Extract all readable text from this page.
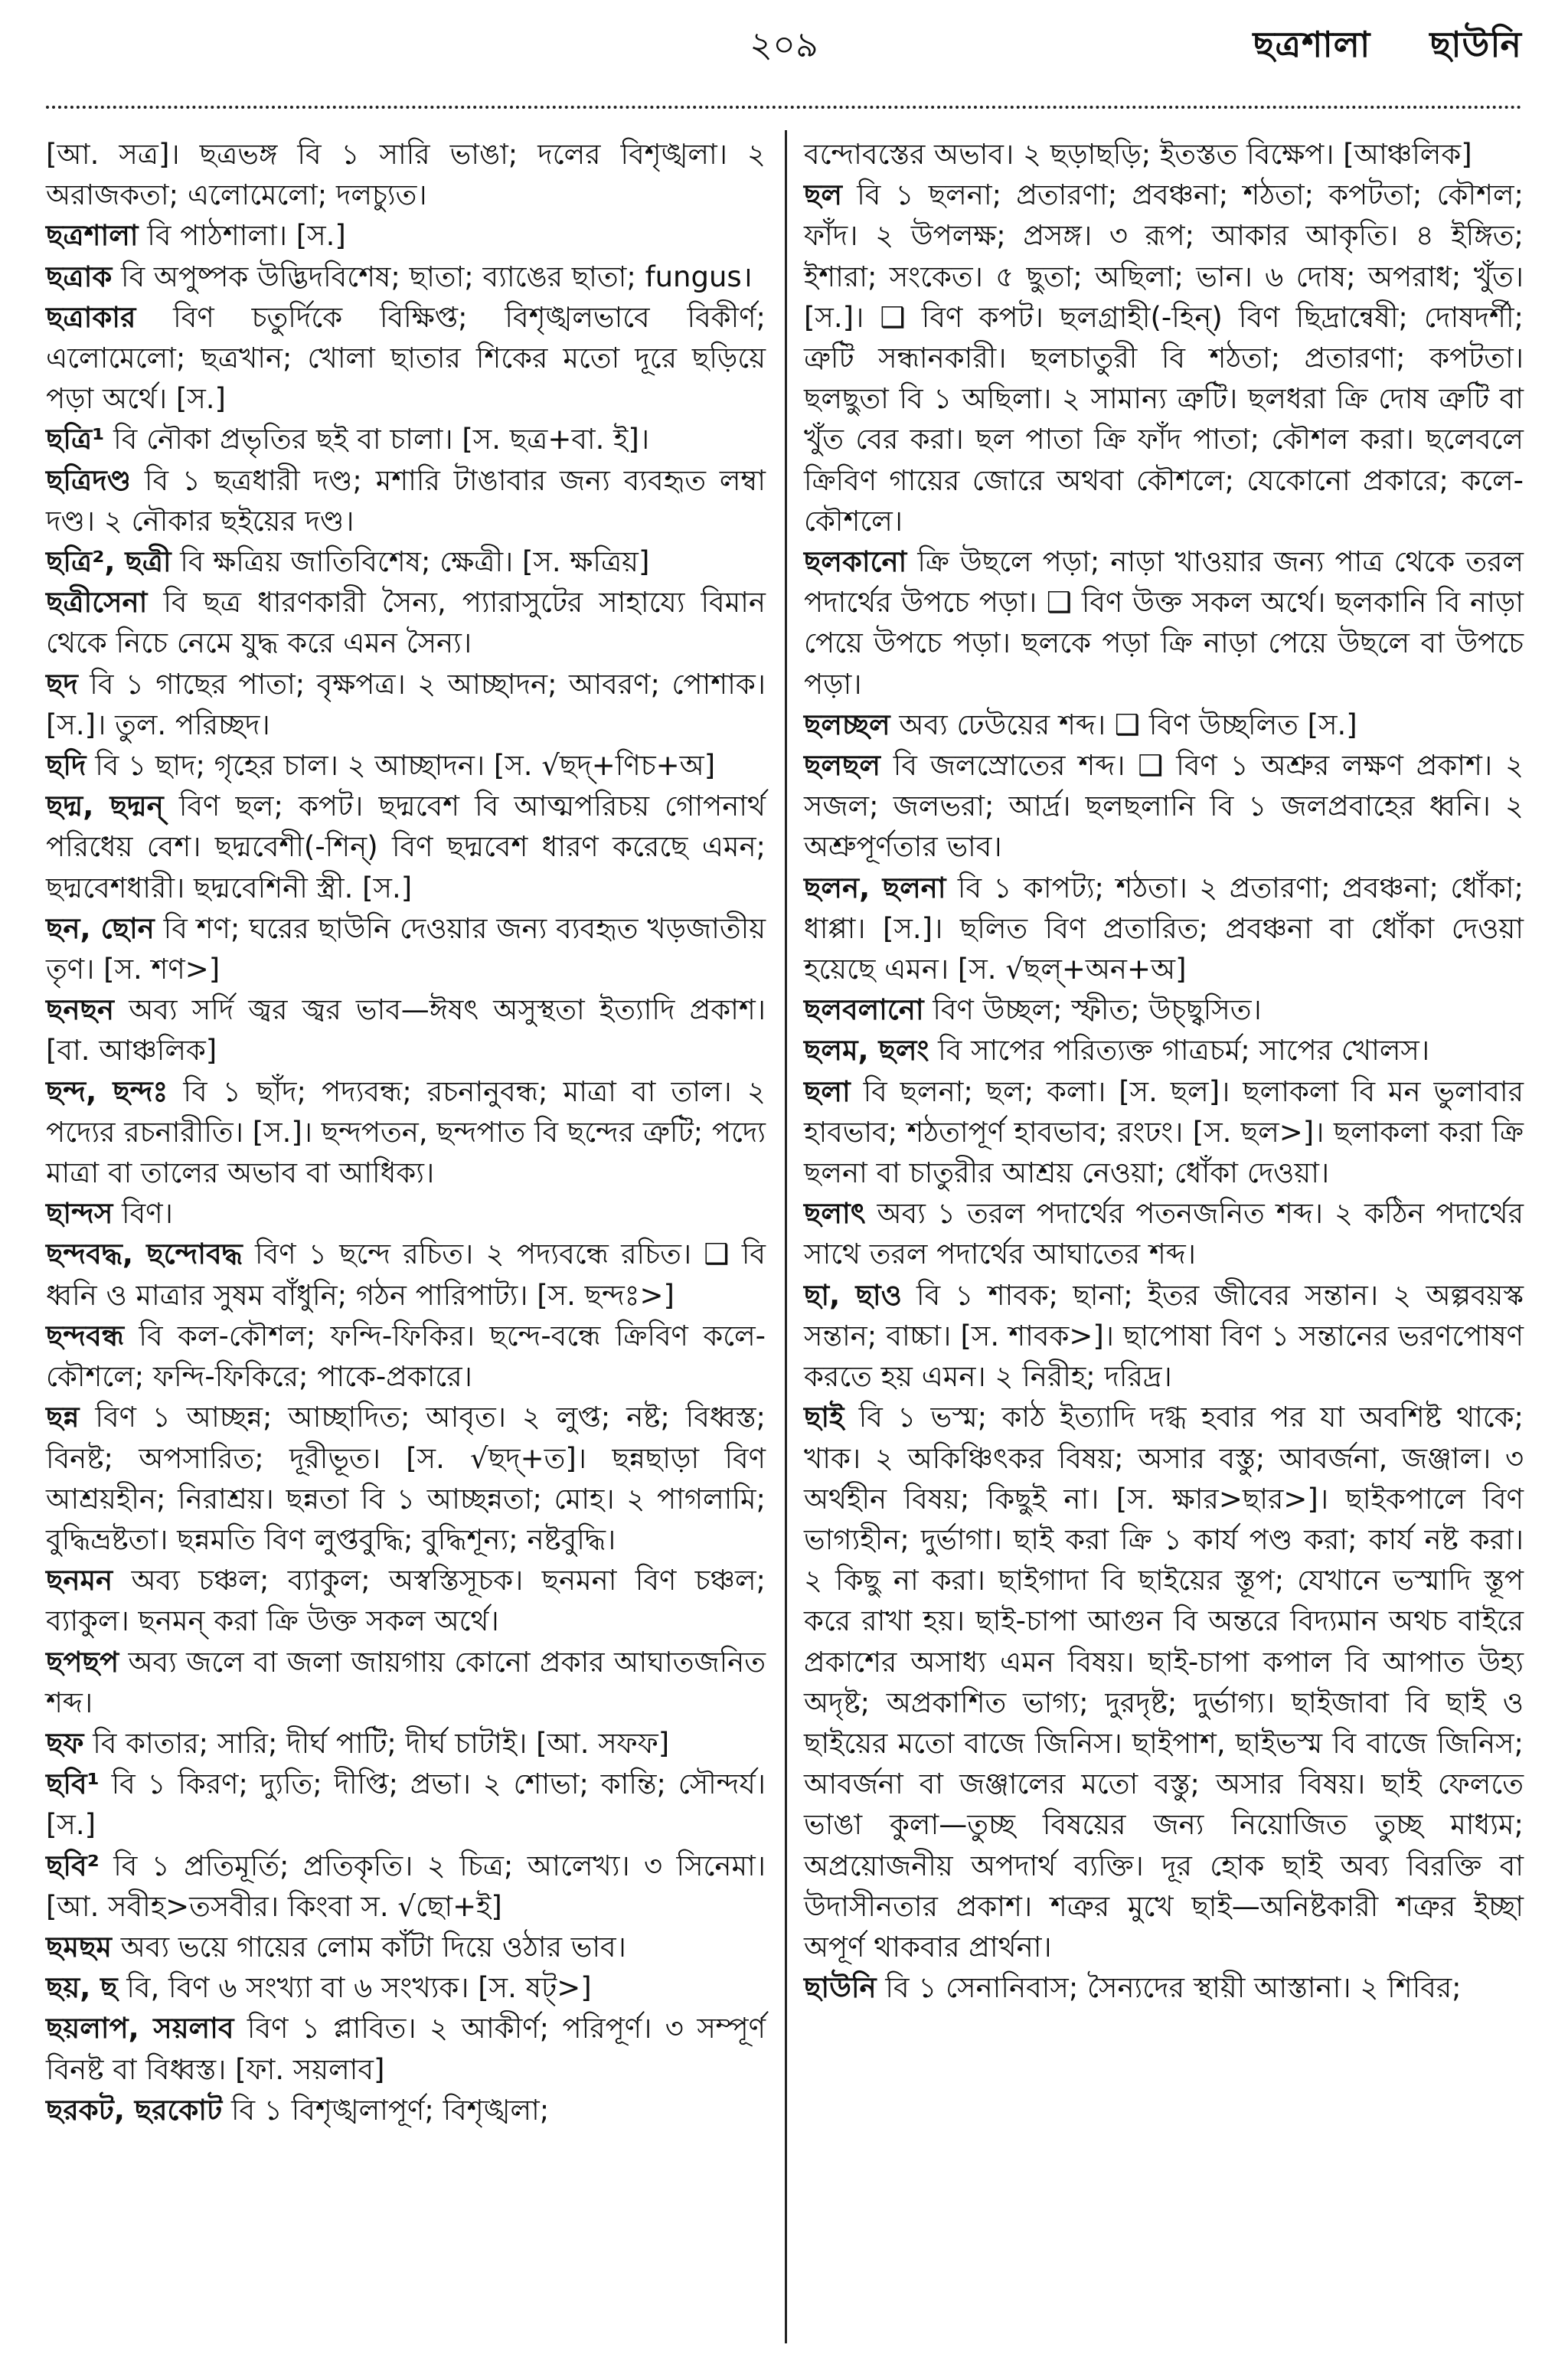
২০৯	ছত্রশালা ছাউনি

[আ. সত্র]। ছত্রভঙ্গ বি ১ সারি ভাঙা; দলের বিশৃঙ্খলা। ২ অরাজকতা; এলোমেলো; দলচ্যুত।

ছত্রশালা বি পাঠশালা। [স.]

ছত্রাক বি অপুষ্পক উদ্ভিদবিশেষ; ছাতা; ব্যাঙের ছাতা; fungus।

ছত্রাকার বিণ চতুর্দিকে বিক্ষিপ্ত; বিশৃঙ্খলভাবে বিকীর্ণ; এলোমেলো; ছত্রখান; খোলা ছাতার শিকের মতো দূরে ছড়িয়ে পড়া অর্থে। [স.]

ছত্রি¹ বি নৌকা প্রভৃতির ছই বা চালা। [স. ছত্র+বা. ই]।

ছত্রিদণ্ড বি ১ ছত্রধারী দণ্ড; মশারি টাঙাবার জন্য ব্যবহৃত লম্বা দণ্ড। ২ নৌকার ছইয়ের দণ্ড।

ছত্রি², ছত্রী বি ক্ষত্রিয় জাতিবিশেষ; ক্ষেত্রী। [স. ক্ষত্রিয়]

ছত্রীসেনা বি ছত্র ধারণকারী সৈন্য, প্যারাসুটের সাহায্যে বিমান থেকে নিচে নেমে যুদ্ধ করে এমন সৈন্য।

ছদ বি ১ গাছের পাতা; বৃক্ষপত্র। ২ আচ্ছাদন; আবরণ; পোশাক। [স.]। তুল. পরিচ্ছদ।

ছদি বি ১ ছাদ; গৃহের চাল। ২ আচ্ছাদন। [স. √ছদ্+ণিচ+অ]

ছদ্ম, ছদ্মন্ বিণ ছল; কপট। ছদ্মবেশ বি আত্মপরিচয় গোপনার্থ পরিধেয় বেশ। ছদ্মবেশী(-শিন্) বিণ ছদ্মবেশ ধারণ করেছে এমন; ছদ্মবেশধারী। ছদ্মবেশিনী স্ত্রী. [স.]

ছন, ছোন বি শণ; ঘরের ছাউনি দেওয়ার জন্য ব্যবহৃত খড়জাতীয় তৃণ। [স. শণ>]

ছনছন অব্য সর্দি জ্বর জ্বর ভাব—ঈষৎ অসুস্থতা ইত্যাদি প্রকাশ। [বা. আঞ্চলিক]

ছন্দ, ছন্দঃ বি ১ ছাঁদ; পদ্যবন্ধ; রচনানুবন্ধ; মাত্রা বা তাল। ২ পদ্যের রচনারীতি। [স.]। ছন্দপতন, ছন্দপাত বি ছন্দের ত্রুটি; পদ্যে মাত্রা বা তালের অভাব বা আধিক্য।

ছান্দস বিণ।

ছন্দবদ্ধ, ছন্দোবদ্ধ বিণ ১ ছন্দে রচিত। ২ পদ্যবন্ধে রচিত। ❑ বি ধ্বনি ও মাত্রার সুষম বাঁধুনি; গঠন পারিপাট্য। [স. ছন্দঃ>]

ছন্দবন্ধ বি কল-কৌশল; ফন্দি-ফিকির। ছন্দে-বন্ধে ক্রিবিণ কলে-কৌশলে; ফন্দি-ফিকিরে; পাকে-প্রকারে।

ছন্ন বিণ ১ আচ্ছন্ন; আচ্ছাদিত; আবৃত। ২ লুপ্ত; নষ্ট; বিধ্বস্ত; বিনষ্ট; অপসারিত; দূরীভূত। [স. √ছদ্+ত]। ছন্নছাড়া বিণ আশ্রয়হীন; নিরাশ্রয়। ছন্নতা বি ১ আচ্ছন্নতা; মোহ। ২ পাগলামি; বুদ্ধিভ্রষ্টতা। ছন্নমতি বিণ লুপ্তবুদ্ধি; বুদ্ধিশূন্য; নষ্টবুদ্ধি।

ছনমন অব্য চঞ্চল; ব্যাকুল; অস্বস্তিসূচক। ছনমনা বিণ চঞ্চল; ব্যাকুল। ছনমন্ করা ক্রি উক্ত সকল অর্থে।

ছপছপ অব্য জলে বা জলা জায়গায় কোনো প্রকার আঘাতজনিত শব্দ।

ছফ বি কাতার; সারি; দীর্ঘ পাটি; দীর্ঘ চাটাই। [আ. সফফ]

ছবি¹ বি ১ কিরণ; দ্যুতি; দীপ্তি; প্রভা। ২ শোভা; কান্তি; সৌন্দর্য। [স.]

ছবি² বি ১ প্রতিমূর্তি; প্রতিকৃতি। ২ চিত্র; আলেখ্য। ৩ সিনেমা। [আ. সবীহ>তসবীর। কিংবা স. √ছো+ই]

ছমছম অব্য ভয়ে গায়ের লোম কাঁটা দিয়ে ওঠার ভাব।

ছয়, ছ বি, বিণ ৬ সংখ্যা বা ৬ সংখ্যক। [স. ষট্>]

ছয়লাপ, সয়লাব বিণ ১ প্লাবিত। ২ আকীর্ণ; পরিপূর্ণ। ৩ সম্পূর্ণ বিনষ্ট বা বিধ্বস্ত। [ফা. সয়লাব]

ছরকট, ছরকোট বি ১ বিশৃঙ্খলাপূর্ণ; বিশৃঙ্খলা;

বন্দোবস্তের অভাব। ২ ছড়াছড়ি; ইতস্তত বিক্ষেপ। [আঞ্চলিক]

ছল বি ১ ছলনা; প্রতারণা; প্রবঞ্চনা; শঠতা; কপটতা; কৌশল; ফাঁদ। ২ উপলক্ষ; প্রসঙ্গ। ৩ রূপ; আকার আকৃতি। ৪ ইঙ্গিত; ইশারা; সংকেত। ৫ ছুতা; অছিলা; ভান। ৬ দোষ; অপরাধ; খুঁত। [স.]। ❑ বিণ কপট। ছলগ্রাহী(-হিন্) বিণ ছিদ্রান্বেষী; দোষদর্শী; ত্রুটি সন্ধানকারী। ছলচাতুরী বি শঠতা; প্রতারণা; কপটতা। ছলছুতা বি ১ অছিলা। ২ সামান্য ত্রুটি। ছলধরা ক্রি দোষ ত্রুটি বা খুঁত বের করা। ছল পাতা ক্রি ফাঁদ পাতা; কৌশল করা। ছলেবলে ক্রিবিণ গায়ের জোরে অথবা কৌশলে; যেকোনো প্রকারে; কলে-কৌশলে।

ছলকানো ক্রি উছলে পড়া; নাড়া খাওয়ার জন্য পাত্র থেকে তরল পদার্থের উপচে পড়া। ❑ বিণ উক্ত সকল অর্থে। ছলকানি বি নাড়া পেয়ে উপচে পড়া। ছলকে পড়া ক্রি নাড়া পেয়ে উছলে বা উপচে পড়া।

ছলচ্ছল অব্য ঢেউয়ের শব্দ। ❑ বিণ উচ্ছলিত [স.]

ছলছল বি জলস্রোতের শব্দ। ❑ বিণ ১ অশ্রুর লক্ষণ প্রকাশ। ২ সজল; জলভরা; আর্দ্র। ছলছলানি বি ১ জলপ্রবাহের ধ্বনি। ২ অশ্রুপূর্ণতার ভাব।

ছলন, ছলনা বি ১ কাপট্য; শঠতা। ২ প্রতারণা; প্রবঞ্চনা; ধোঁকা; ধাপ্পা। [স.]। ছলিত বিণ প্রতারিত; প্রবঞ্চনা বা ধোঁকা দেওয়া হয়েছে এমন। [স. √ছল্+অন+অ]

ছলবলানো বিণ উচ্ছল; স্ফীত; উচ্ছ্বসিত।

ছলম, ছলং বি সাপের পরিত্যক্ত গাত্রচর্ম; সাপের খোলস।

ছলা বি ছলনা; ছল; কলা। [স. ছল]। ছলাকলা বি মন ভুলাবার হাবভাব; শঠতাপূর্ণ হাবভাব; রংঢং। [স. ছল>]। ছলাকলা করা ক্রি ছলনা বা চাতুরীর আশ্রয় নেওয়া; ধোঁকা দেওয়া।

ছলাৎ অব্য ১ তরল পদার্থের পতনজনিত শব্দ। ২ কঠিন পদার্থের সাথে তরল পদার্থের আঘাতের শব্দ।

ছা, ছাও বি ১ শাবক; ছানা; ইতর জীবের সন্তান। ২ অল্পবয়স্ক সন্তান; বাচ্চা। [স. শাবক>]। ছাপোষা বিণ ১ সন্তানের ভরণপোষণ করতে হয় এমন। ২ নিরীহ; দরিদ্র।

ছাই বি ১ ভস্ম; কাঠ ইত্যাদি দগ্ধ হবার পর যা অবশিষ্ট থাকে; খাক। ২ অকিঞ্চিৎকর বিষয়; অসার বস্তু; আবর্জনা, জঞ্জাল। ৩ অর্থহীন বিষয়; কিছুই না। [স. ক্ষার>ছার>]। ছাইকপালে বিণ ভাগ্যহীন; দুর্ভাগা। ছাই করা ক্রি ১ কার্য পণ্ড করা; কার্য নষ্ট করা। ২ কিছু না করা। ছাইগাদা বি ছাইয়ের স্তূপ; যেখানে ভস্মাদি স্তূপ করে রাখা হয়। ছাই-চাপা আগুন বি অন্তরে বিদ্যমান অথচ বাইরে প্রকাশের অসাধ্য এমন বিষয়। ছাই-চাপা কপাল বি আপাত উহ্য অদৃষ্ট; অপ্রকাশিত ভাগ্য; দুরদৃষ্ট; দুর্ভাগ্য। ছাইজাবা বি ছাই ও ছাইয়ের মতো বাজে জিনিস। ছাইপাশ, ছাইভস্ম বি বাজে জিনিস; আবর্জনা বা জঞ্জালের মতো বস্তু; অসার বিষয়। ছাই ফেলতে ভাঙা কুলা—তুচ্ছ বিষয়ের জন্য নিয়োজিত তুচ্ছ মাধ্যম; অপ্রয়োজনীয় অপদার্থ ব্যক্তি। দূর হোক ছাই অব্য বিরক্তি বা উদাসীনতার প্রকাশ। শত্রুর মুখে ছাই—অনিষ্টকারী শত্রুর ইচ্ছা অপূর্ণ থাকবার প্রার্থনা।

ছাউনি বি ১ সেনানিবাস; সৈন্যদের স্থায়ী আস্তানা। ২ শিবির;
